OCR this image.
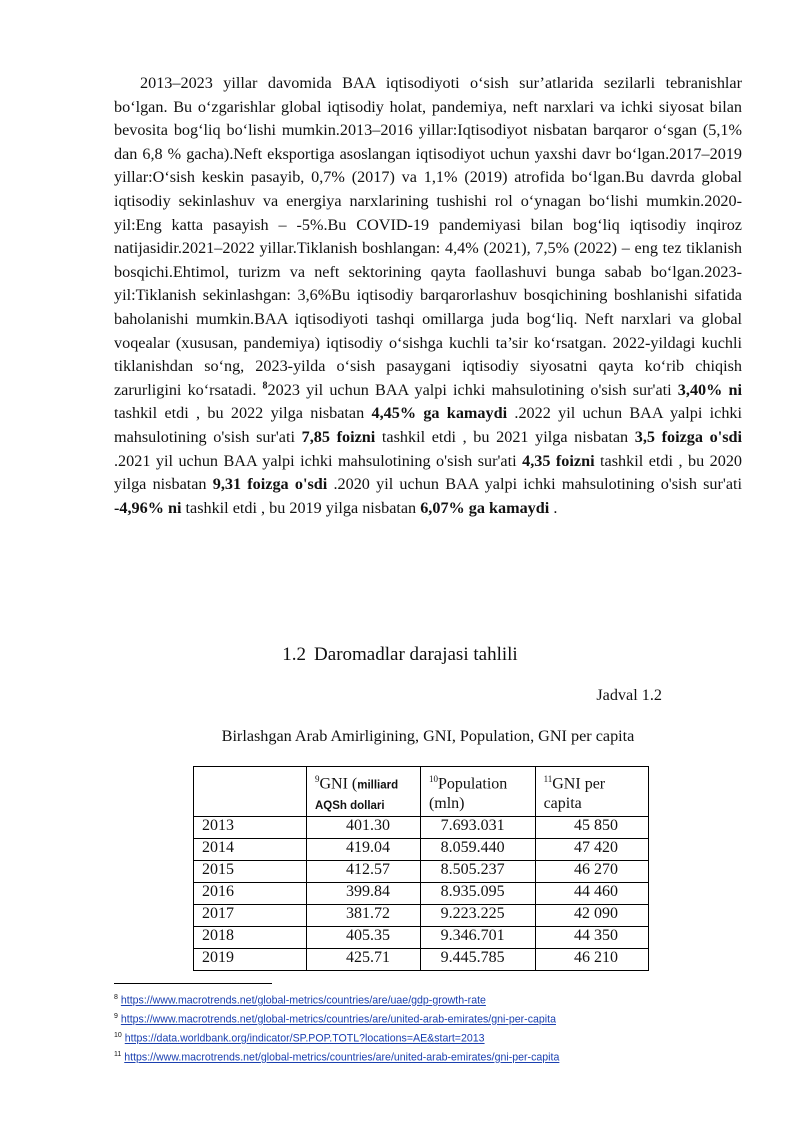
2013–2023 yillar davomida BAA iqtisodiyoti o‘sish sur’atlarida sezilarli tebranishlar bo‘lgan. Bu o‘zgarishlar global iqtisodiy holat, pandemiya, neft narxlari va ichki siyosat bilan bevosita bog‘liq bo‘lishi mumkin.2013–2016 yillar:Iqtisodiyot nisbatan barqaror o‘sgan (5,1% dan 6,8 % gacha).Neft eksportiga asoslangan iqtisodiyot uchun yaxshi davr bo‘lgan.2017–2019 yillar:O‘sish keskin pasayib, 0,7% (2017) va 1,1% (2019) atrofida bo‘lgan.Bu davrda global iqtisodiy sekinlashuv va energiya narxlarining tushishi rol o‘ynagan bo‘lishi mumkin.2020-yil:Eng katta pasayish – -5%.Bu COVID-19 pandemiyasi bilan bog‘liq iqtisodiy inqiroz natijasidir.2021–2022 yillar.Tiklanish boshlangan: 4,4% (2021), 7,5% (2022) – eng tez tiklanish bosqichi.Ehtimol, turizm va neft sektorining qayta faollashuvi bunga sabab bo‘lgan.2023-yil:Tiklanish sekinlashgan: 3,6%Bu iqtisodiy barqarorlashuv bosqichining boshlanishi sifatida baholanishi mumkin.BAA iqtisodiyoti tashqi omillarga juda bog‘liq. Neft narxlari va global voqealar (xususan, pandemiya) iqtisodiy o‘sishga kuchli ta’sir ko‘rsatgan. 2022-yildagi kuchli tiklanishdan so‘ng, 2023-yilda o‘sish pasaygani iqtisodiy siyosatni qayta ko‘rib chiqish zarurligini ko‘rsatadi. $^8$2023 yil uchun BAA yalpi ichki mahsulotining o'sish sur'ati 3,40% ni tashkil etdi , bu 2022 yilga nisbatan 4,45% ga kamaydi .2022 yil uchun BAA yalpi ichki mahsulotining o'sish sur'ati 7,85 foizni tashkil etdi , bu 2021 yilga nisbatan 3,5 foizga o'sdi .2021 yil uchun BAA yalpi ichki mahsulotining o'sish sur'ati 4,35 foizni tashkil etdi , bu 2020 yilga nisbatan 9,31 foizga o'sdi .2020 yil uchun BAA yalpi ichki mahsulotining o'sish sur'ati -4,96% ni tashkil etdi , bu 2019 yilga nisbatan 6,07% ga kamaydi .

1.2 Daromadlar darajasi tahlili

Jadval 1.2

Birlashgan Arab Amirligining, GNI, Population, GNI per capita

	$^9$GNI (milliard AQSh dollari	$^{10}$Population (mln)	$^{11}$GNI per capita
2013	401.30	7.693.031	45 850
2014	419.04	8.059.440	47 420
2015	412.57	8.505.237	46 270
2016	399.84	8.935.095	44 460
2017	381.72	9.223.225	42 090
2018	405.35	9.346.701	44 350
2019	425.71	9.445.785	46 210
$^8$ https://www.macrotrends.net/global-metrics/countries/are/uae/gdp-growth-rate
$^9$ https://www.macrotrends.net/global-metrics/countries/are/united-arab-emirates/gni-per-capita
$^{10}$ https://data.worldbank.org/indicator/SP.POP.TOTL?locations=AE&start=2013
$^{11}$ https://www.macrotrends.net/global-metrics/countries/are/united-arab-emirates/gni-per-capita
